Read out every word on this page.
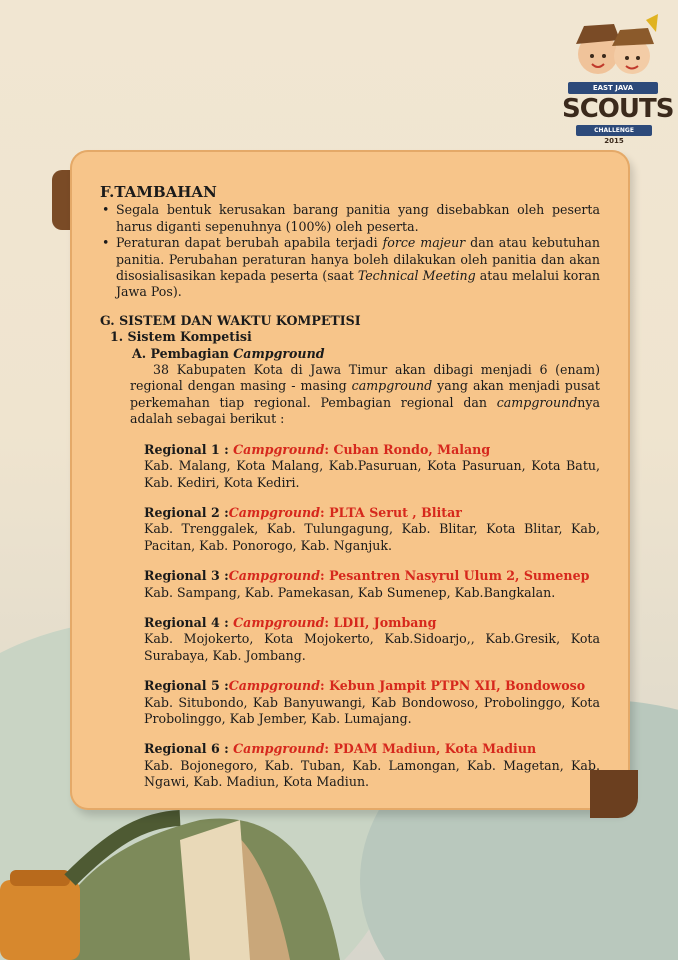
EAST JAVA
SCOUTS
CHALLENGE
2015
F.TAMBAHAN
• Segala bentuk kerusakan barang panitia yang disebabkan oleh peserta harus diganti sepenuhnya (100%) oleh peserta.
• Peraturan dapat berubah apabila terjadi force majeur dan atau kebutuhan panitia. Perubahan peraturan hanya boleh dilakukan oleh panitia dan akan disosialisasikan kepada peserta (saat Technical Meeting atau melalui koran Jawa Pos).
G. SISTEM DAN WAKTU KOMPETISI
1. Sistem Kompetisi
A. Pembagian Campground
38 Kabupaten Kota di Jawa Timur akan dibagi menjadi 6 (enam) regional dengan masing - masing campground yang akan menjadi pusat perkemahan tiap regional. Pembagian regional dan campgroundnya adalah sebagai berikut :
Regional 1 : Campground: Cuban Rondo, Malang
Kab. Malang, Kota Malang, Kab.Pasuruan, Kota Pasuruan, Kota Batu, Kab. Kediri, Kota Kediri.
Regional 2 :Campground: PLTA Serut , Blitar
Kab. Trenggalek, Kab. Tulungagung, Kab. Blitar, Kota Blitar, Kab, Pacitan, Kab. Ponorogo, Kab. Nganjuk.
Regional 3 :Campground: Pesantren Nasyrul Ulum 2, Sumenep
Kab. Sampang, Kab. Pamekasan, Kab Sumenep, Kab.Bangkalan.
Regional 4 : Campground: LDII, Jombang
Kab. Mojokerto, Kota Mojokerto, Kab.Sidoarjo,, Kab.Gresik, Kota Surabaya, Kab. Jombang.
Regional 5 :Campground: Kebun Jampit PTPN XII, Bondowoso
Kab. Situbondo, Kab Banyuwangi, Kab Bondowoso, Probolinggo, Kota Probolinggo, Kab Jember, Kab. Lumajang.
Regional 6 : Campground: PDAM Madiun, Kota Madiun
Kab. Bojonegoro, Kab. Tuban, Kab. Lamongan, Kab. Magetan, Kab. Ngawi, Kab. Madiun, Kota Madiun.
